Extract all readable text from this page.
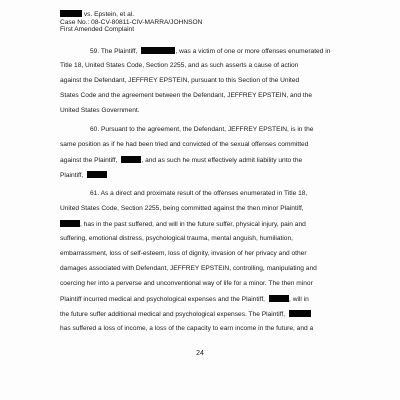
vs. Epstein, et al.
Case No.: 08-CV-80811-CIV-MARRA/JOHNSON
First Amended Complaint
59. The Plaintiff,	, was a victim of one or more offenses enumerated in
Title 18, United States Code, Section 2255, and as such asserts a cause of action
against the Defendant, JEFFREY EPSTEIN, pursuant to this Section of the United
States Code and the agreement between the Defendant, JEFFREY EPSTEIN, and the
United States Government.
60. Pursuant to the agreement, the Defendant, JEFFREY EPSTEIN, is in the
same position as if he had been tried and convicted of the sexual offenses committed
against the Plaintiff,	, and as such he must effectively admit liability unto the
Plaintiff,
61. As a direct and proximate result of the offenses enumerated in Title 18,
United States Code, Section 2255, being committed against the then minor Plaintiff,
, has in the past suffered, and will in the future suffer, physical injury, pain and
suffering, emotional distress, psychological trauma, mental anguish, humiliation,
embarrassment, loss of self-esteem, loss of dignity, invasion of her privacy and other
damages associated with Defendant, JEFFREY EPSTEIN, controlling, manipulating and
coercing her into a perverse and unconventional way of life for a minor. The then minor
Plaintiff incurred medical and psychological expenses and the Plaintiff,	, will in
the future suffer additional medical and psychological expenses. The Plaintiff,
has suffered a loss of income, a loss of the capacity to earn income in the future, and a
24
